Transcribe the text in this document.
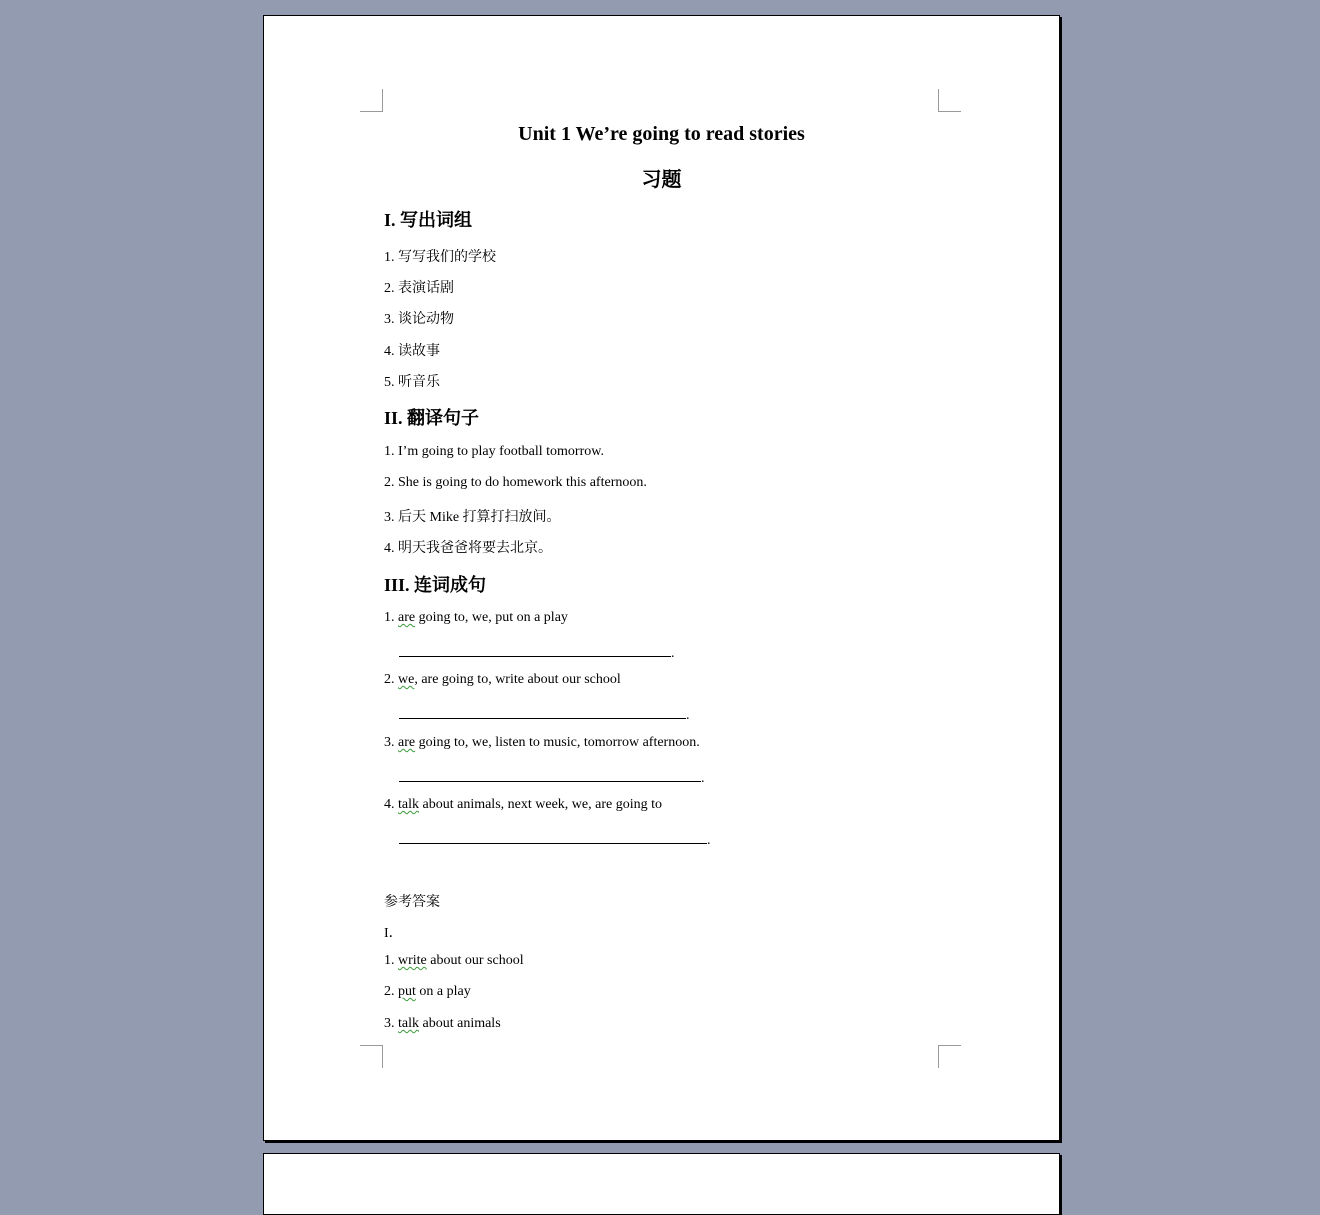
Unit 1 We’re going to read stories
习题
I. 写出词组
1. 写写我们的学校
2. 表演话剧
3. 谈论动物
4. 读故事
5. 听音乐
II. 翻译句子
1. I’m going to play football tomorrow.
2. She is going to do homework this afternoon.
3. 后天 Mike 打算打扫放间。
4. 明天我爸爸将要去北京。
III. 连词成句
1. are going to, we, put on a play
.
2. we, are going to, write about our school
.
3. are going to, we, listen to music, tomorrow afternoon.
.
4. talk about animals, next week, we, are going to
.
参考答案
I．
1. write about our school
2. put on a play
3. talk about animals
